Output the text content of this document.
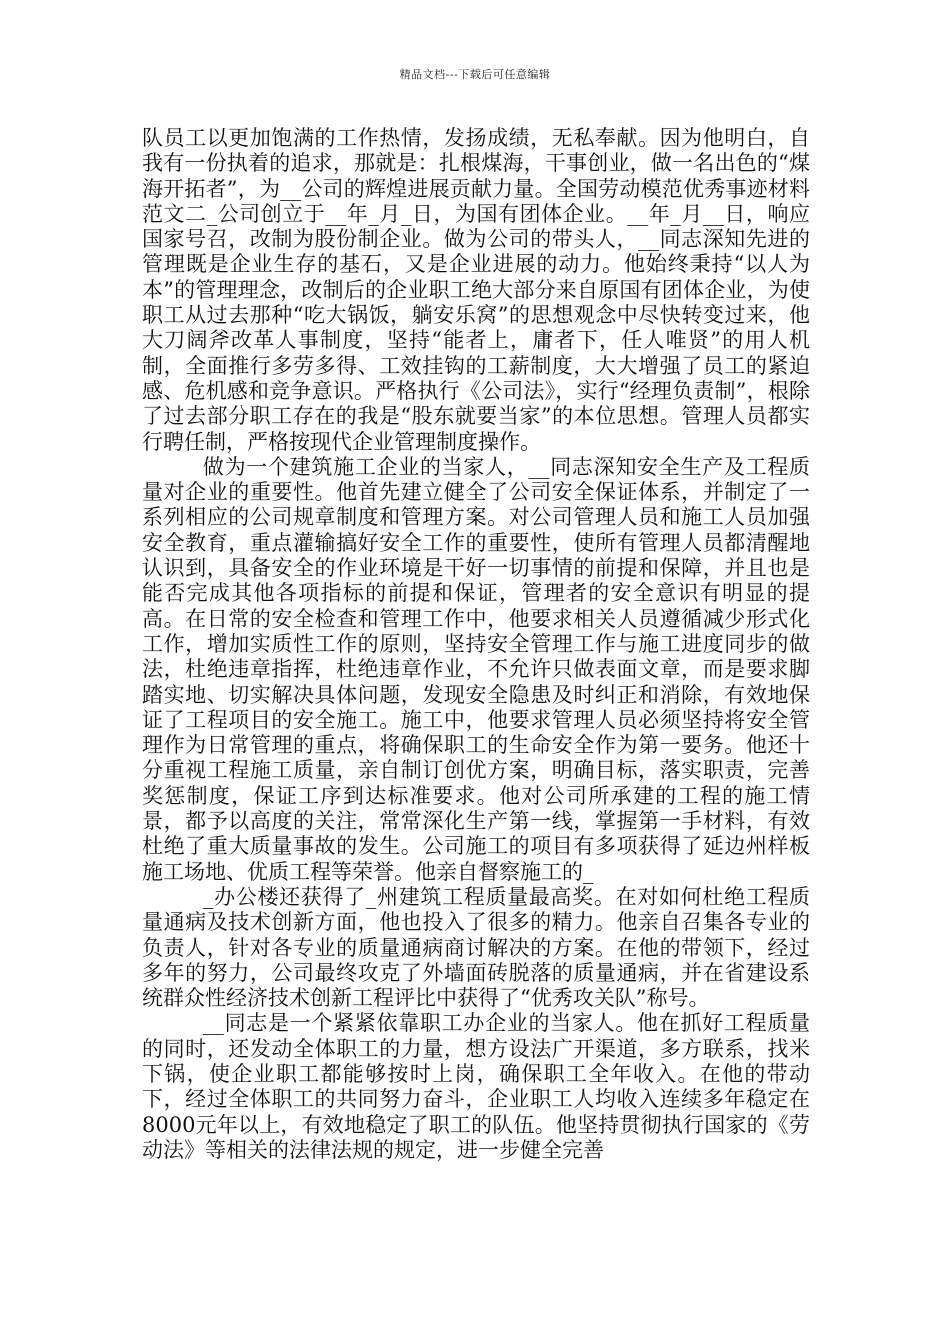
精品文档---下载后可任意编辑

队员工以更加饱满的工作热情，发扬成绩，无私奉献。因为他明白，自我有一份执着的追求，那就是：扎根煤海，干事创业，做一名出色的“煤海开拓者”，为__公司的辉煌进展贡献力量。全国劳动模范优秀事迹材料范文二_公司创立于__年_月_日，为国有团体企业。__年_月__日，响应国家号召，改制为股份制企业。做为公司的带头人，__同志深知先进的管理既是企业生存的基石，又是企业进展的动力。他始终秉持“以人为本”的管理理念，改制后的企业职工绝大部分来自原国有团体企业，为使职工从过去那种“吃大锅饭，躺安乐窝”的思想观念中尽快转变过来，他大刀阔斧改革人事制度，坚持“能者上，庸者下，任人唯贤”的用人机制，全面推行多劳多得、工效挂钩的工薪制度，大大增强了员工的紧迫感、危机感和竞争意识。严格执行《公司法》，实行“经理负责制”，根除了过去部分职工存在的我是“股东就要当家”的本位思想。管理人员都实行聘任制，严格按现代企业管理制度操作。

做为一个建筑施工企业的当家人，__同志深知安全生产及工程质量对企业的重要性。他首先建立健全了公司安全保证体系，并制定了一系列相应的公司规章制度和管理方案。对公司管理人员和施工人员加强安全教育，重点灌输搞好安全工作的重要性，使所有管理人员都清醒地认识到，具备安全的作业环境是干好一切事情的前提和保障，并且也是能否完成其他各项指标的前提和保证，管理者的安全意识有明显的提高。在日常的安全检查和管理工作中，他要求相关人员遵循减少形式化工作，增加实质性工作的原则，坚持安全管理工作与施工进度同步的做法，杜绝违章指挥，杜绝违章作业，不允许只做表面文章，而是要求脚踏实地、切实解决具体问题，发现安全隐患及时纠正和消除，有效地保证了工程项目的安全施工。施工中，他要求管理人员必须坚持将安全管理作为日常管理的重点，将确保职工的生命安全作为第一要务。他还十分重视工程施工质量，亲自制订创优方案，明确目标，落实职责，完善奖惩制度，保证工序到达标准要求。他对公司所承建的工程的施工情景，都予以高度的关注，常常深化生产第一线，掌握第一手材料，有效杜绝了重大质量事故的发生。公司施工的项目有多项获得了延边州样板施工场地、优质工程等荣誉。他亲自督察施工的_

_办公楼还获得了_州建筑工程质量最高奖。在对如何杜绝工程质量通病及技术创新方面，他也投入了很多的精力。他亲自召集各专业的负责人，针对各专业的质量通病商讨解决的方案。在他的带领下，经过多年的努力，公司最终攻克了外墙面砖脱落的质量通病，并在省建设系统群众性经济技术创新工程评比中获得了“优秀攻关队”称号。

__同志是一个紧紧依靠职工办企业的当家人。他在抓好工程质量的同时，还发动全体职工的力量，想方设法广开渠道，多方联系，找米下锅，使企业职工都能够按时上岗，确保职工全年收入。在他的带动下，经过全体职工的共同努力奋斗，企业职工人均收入连续多年稳定在8000元年以上，有效地稳定了职工的队伍。他坚持贯彻执行国家的《劳动法》等相关的法律法规的规定，进一步健全完善
